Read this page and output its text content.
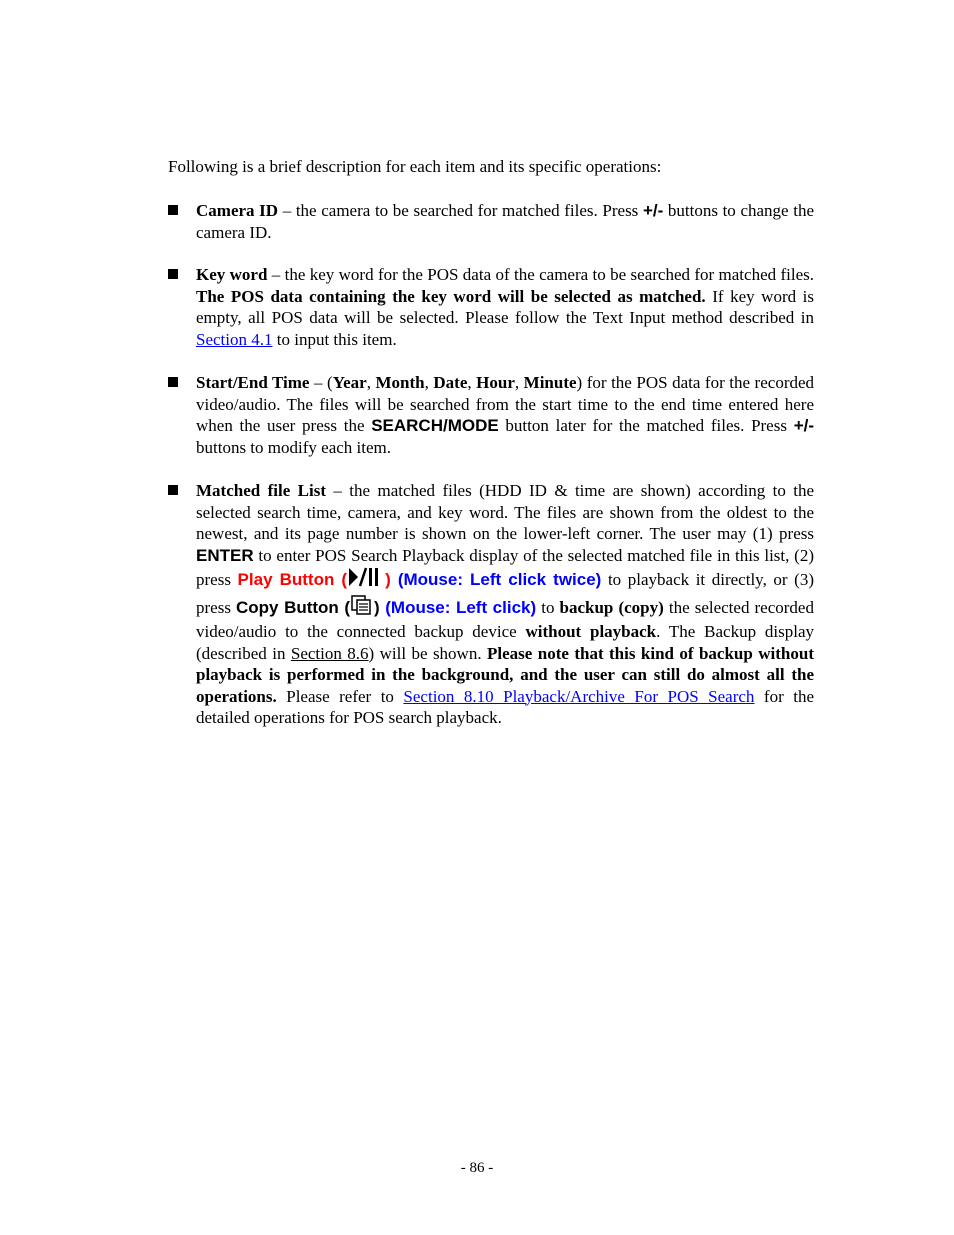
Following is a brief description for each item and its specific operations:
Camera ID – the camera to be searched for matched files. Press +/- buttons to change the camera ID.
Key word – the key word for the POS data of the camera to be searched for matched files. The POS data containing the key word will be selected as matched. If key word is empty, all POS data will be selected. Please follow the Text Input method described in Section 4.1 to input this item.
Start/End Time – (Year, Month, Date, Hour, Minute) for the POS data for the recorded video/audio. The files will be searched from the start time to the end time entered here when the user press the SEARCH/MODE button later for the matched files. Press +/- buttons to modify each item.
Matched file List – the matched files (HDD ID & time are shown) according to the selected search time, camera, and key word. The files are shown from the oldest to the newest, and its page number is shown on the lower-left corner. The user may (1) press ENTER to enter POS Search Playback display of the selected matched file in this list, (2) press Play Button ( ) (Mouse: Left click twice) to playback it directly, or (3) press Copy Button ( ) (Mouse: Left click) to backup (copy) the selected recorded video/audio to the connected backup device without playback. The Backup display (described in Section 8.6) will be shown. Please note that this kind of backup without playback is performed in the background, and the user can still do almost all the operations. Please refer to Section 8.10 Playback/Archive For POS Search for the detailed operations for POS search playback.
- 86 -
